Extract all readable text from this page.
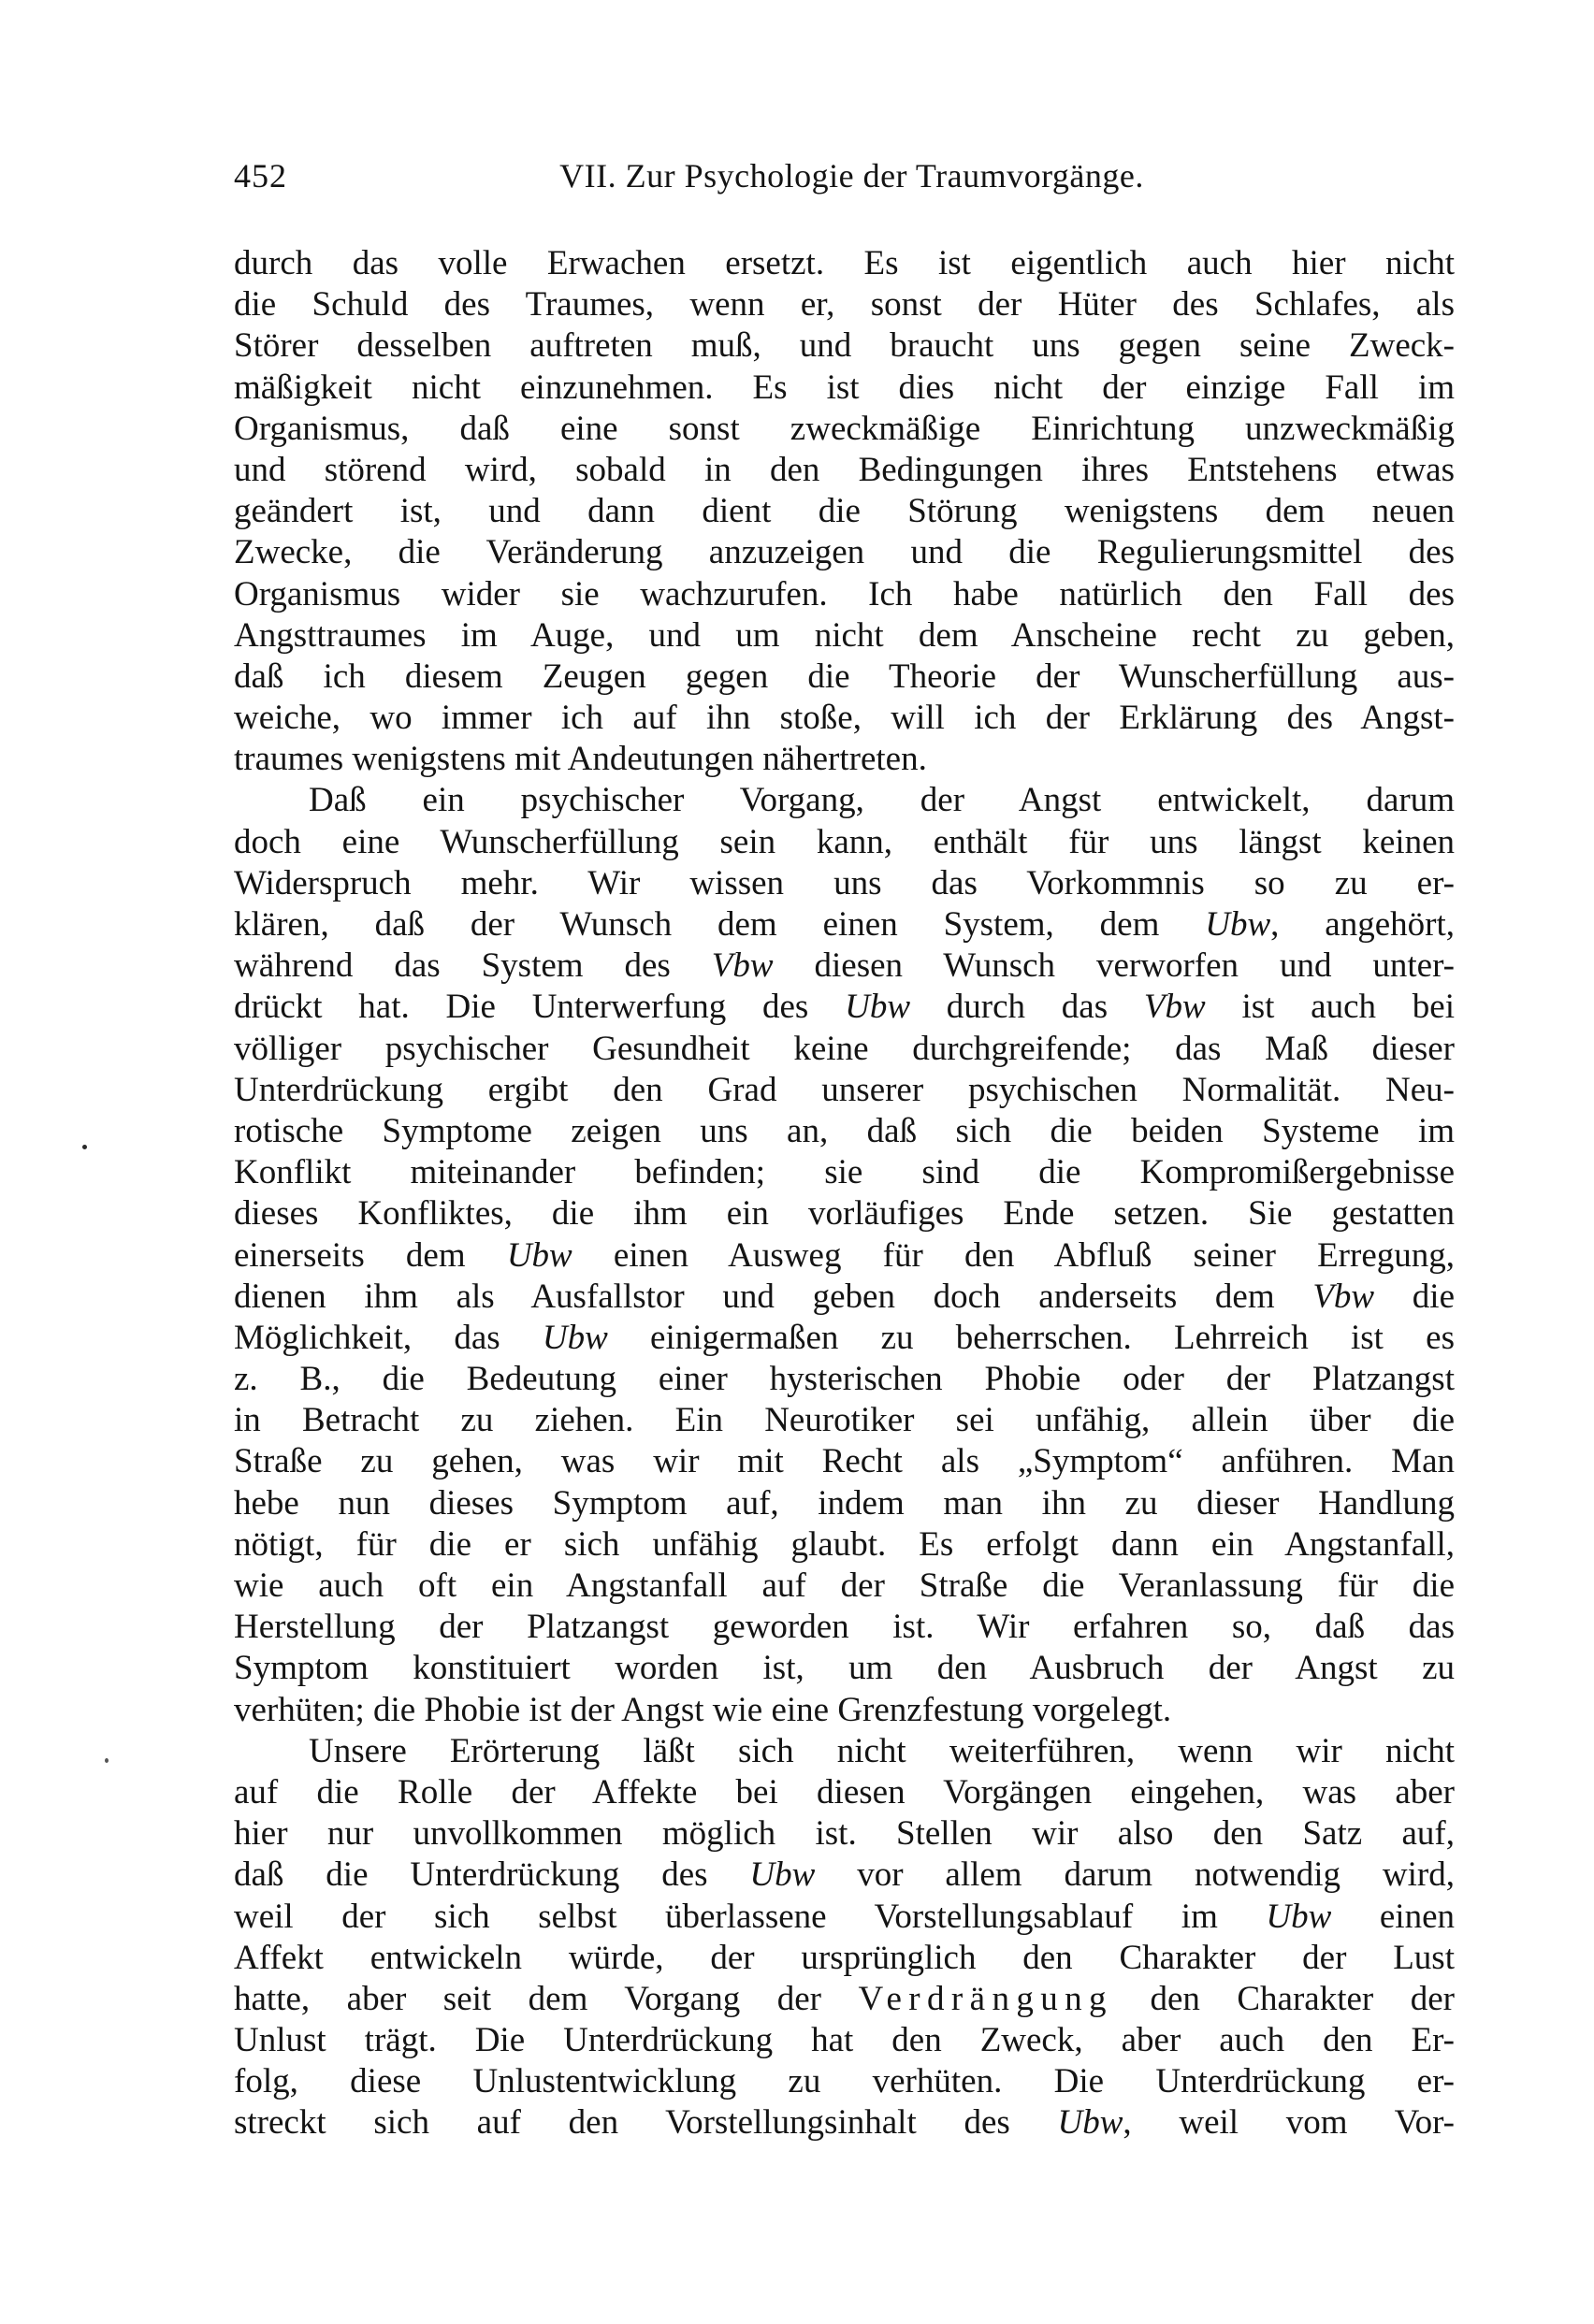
452	VII. Zur Psychologie der Traumvorgänge.
durch das volle Erwachen ersetzt. Es ist eigentlich auch hier nicht
die Schuld des Traumes, wenn er, sonst der Hüter des Schlafes, als
Störer desselben auftreten muß, und braucht uns gegen seine Zweck-
mäßigkeit nicht einzunehmen. Es ist dies nicht der einzige Fall im
Organismus, daß eine sonst zweckmäßige Einrichtung unzweckmäßig
und störend wird, sobald in den Bedingungen ihres Entstehens etwas
geändert ist, und dann dient die Störung wenigstens dem neuen
Zwecke, die Veränderung anzuzeigen und die Regulierungsmittel des
Organismus wider sie wachzurufen. Ich habe natürlich den Fall des
Angsttraumes im Auge, und um nicht dem Anscheine recht zu geben,
daß ich diesem Zeugen gegen die Theorie der Wunscherfüllung aus-
weiche, wo immer ich auf ihn stoße, will ich der Erklärung des Angst-
traumes wenigstens mit Andeutungen nähertreten.
Daß ein psychischer Vorgang, der Angst entwickelt, darum
doch eine Wunscherfüllung sein kann, enthält für uns längst keinen
Widerspruch mehr. Wir wissen uns das Vorkommnis so zu er-
klären, daß der Wunsch dem einen System, dem Ubw, angehört,
während das System des Vbw diesen Wunsch verworfen und unter-
drückt hat. Die Unterwerfung des Ubw durch das Vbw ist auch bei
völliger psychischer Gesundheit keine durchgreifende; das Maß dieser
Unterdrückung ergibt den Grad unserer psychischen Normalität. Neu-
rotische Symptome zeigen uns an, daß sich die beiden Systeme im
Konflikt miteinander befinden; sie sind die Kompromißergebnisse
dieses Konfliktes, die ihm ein vorläufiges Ende setzen. Sie gestatten
einerseits dem Ubw einen Ausweg für den Abfluß seiner Erregung,
dienen ihm als Ausfallstor und geben doch anderseits dem Vbw die
Möglichkeit, das Ubw einigermaßen zu beherrschen. Lehrreich ist es
z. B., die Bedeutung einer hysterischen Phobie oder der Platzangst
in Betracht zu ziehen. Ein Neurotiker sei unfähig, allein über die
Straße zu gehen, was wir mit Recht als „Symptom“ anführen. Man
hebe nun dieses Symptom auf, indem man ihn zu dieser Handlung
nötigt, für die er sich unfähig glaubt. Es erfolgt dann ein Angstanfall,
wie auch oft ein Angstanfall auf der Straße die Veranlassung für die
Herstellung der Platzangst geworden ist. Wir erfahren so, daß das
Symptom konstituiert worden ist, um den Ausbruch der Angst zu
verhüten; die Phobie ist der Angst wie eine Grenzfestung vorgelegt.
Unsere Erörterung läßt sich nicht weiterführen, wenn wir nicht
auf die Rolle der Affekte bei diesen Vorgängen eingehen, was aber
hier nur unvollkommen möglich ist. Stellen wir also den Satz auf,
daß die Unterdrückung des Ubw vor allem darum notwendig wird,
weil der sich selbst überlassene Vorstellungsablauf im Ubw einen
Affekt entwickeln würde, der ursprünglich den Charakter der Lust
hatte, aber seit dem Vorgang der Verdrängung den Charakter der
Unlust trägt. Die Unterdrückung hat den Zweck, aber auch den Er-
folg, diese Unlustentwicklung zu verhüten. Die Unterdrückung er-
streckt sich auf den Vorstellungsinhalt des Ubw, weil vom Vor-
